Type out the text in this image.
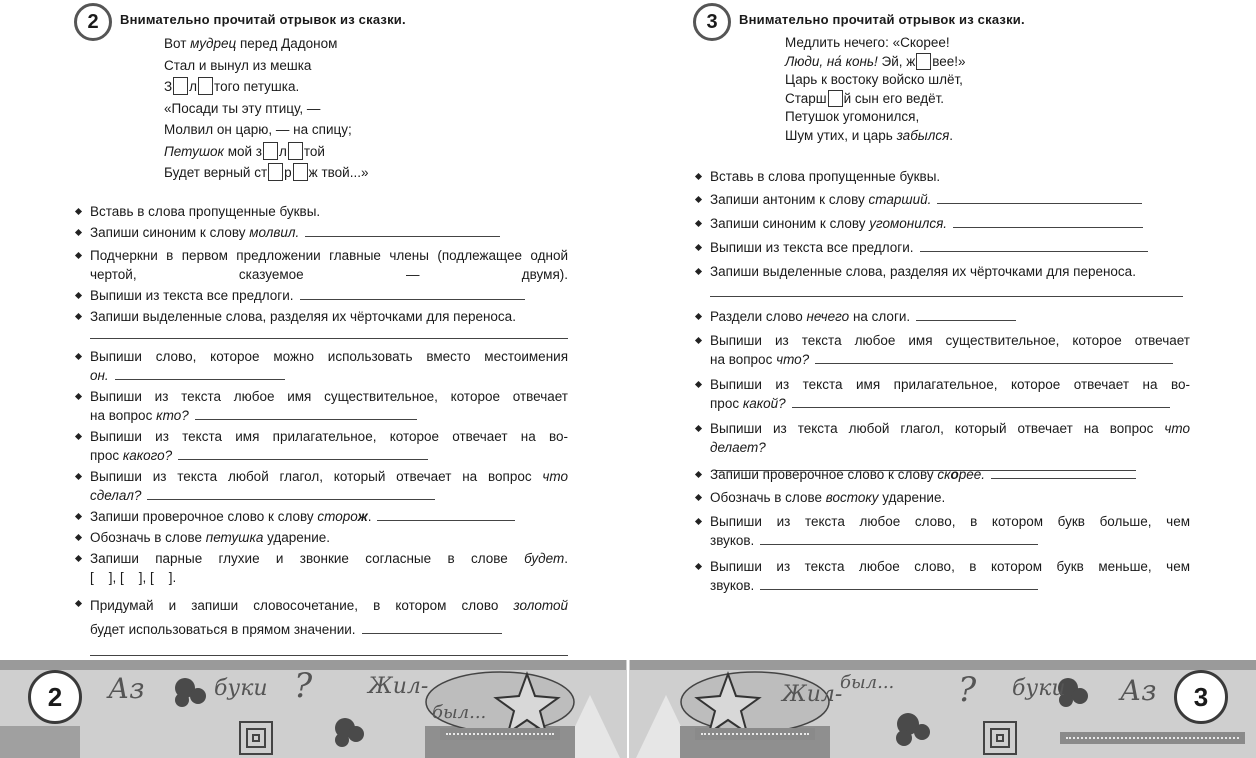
2	Внимательно прочитай отрывок из сказки.
Вот мудрец перед Дадоном
Стал и вынул из мешка
З л того петушка.
«Посади ты эту птицу, —
Молвил он царю, — на спицу;
Петушок мой з л той
Будет верный ст р ж твой...»
Вставь в слова пропущенные буквы.
Запиши синоним к слову молвил.
Подчеркни в первом предложении главные члены (подлежащее одной чертой, сказуемое — двумя).
Выпиши из текста все предлоги.
Запиши выделенные слова, разделяя их чёрточками для переноса.
Выпиши слово, которое можно использовать вместо местоимения
он.
Выпиши из текста любое имя существительное, которое отвечает
на вопрос кто?
Выпиши из текста имя прилагательное, которое отвечает на во-
прос какого?
Выпиши из текста любой глагол, который отвечает на вопрос что
сделал?
Запиши проверочное слово к слову сторож.
Обозначь в слове петушка ударение.
Запиши парные глухие и звонкие согласные в слове будет.
[    ], [    ], [    ].
Придумай и запиши словосочетание, в котором слово золотой
будет использоваться в прямом значении.
3	Внимательно прочитай отрывок из сказки.
Медлить нечего: «Скорее!
Люди, на́ конь! Эй, ж вее!»
Царь к востоку войско шлёт,
Старш й сын его ведёт.
Петушок угомонился,
Шум утих, и царь забылся.
Вставь в слова пропущенные буквы.
Запиши антоним к слову старший.
Запиши синоним к слову угомонился.
Выпиши из текста все предлоги.
Запиши выделенные слова, разделяя их чёрточками для переноса.
Раздели слово нечего на слоги.
Выпиши из текста любое имя существительное, которое отвечает
на вопрос что?
Выпиши из текста имя прилагательное, которое отвечает на во-
прос какой?
Выпиши из текста любой глагол, который отвечает на вопрос что
делает?
Запиши проверочное слово к слову скорее.
Обозначь в слове востоку ударение.
Выпиши из текста любое слово, в котором букв больше, чем
звуков.
Выпиши из текста любое слово, в котором букв меньше, чем
звуков.
Аз	буки ?	Жил-
был...
Жил-
был... ? буки Аз
2	3
